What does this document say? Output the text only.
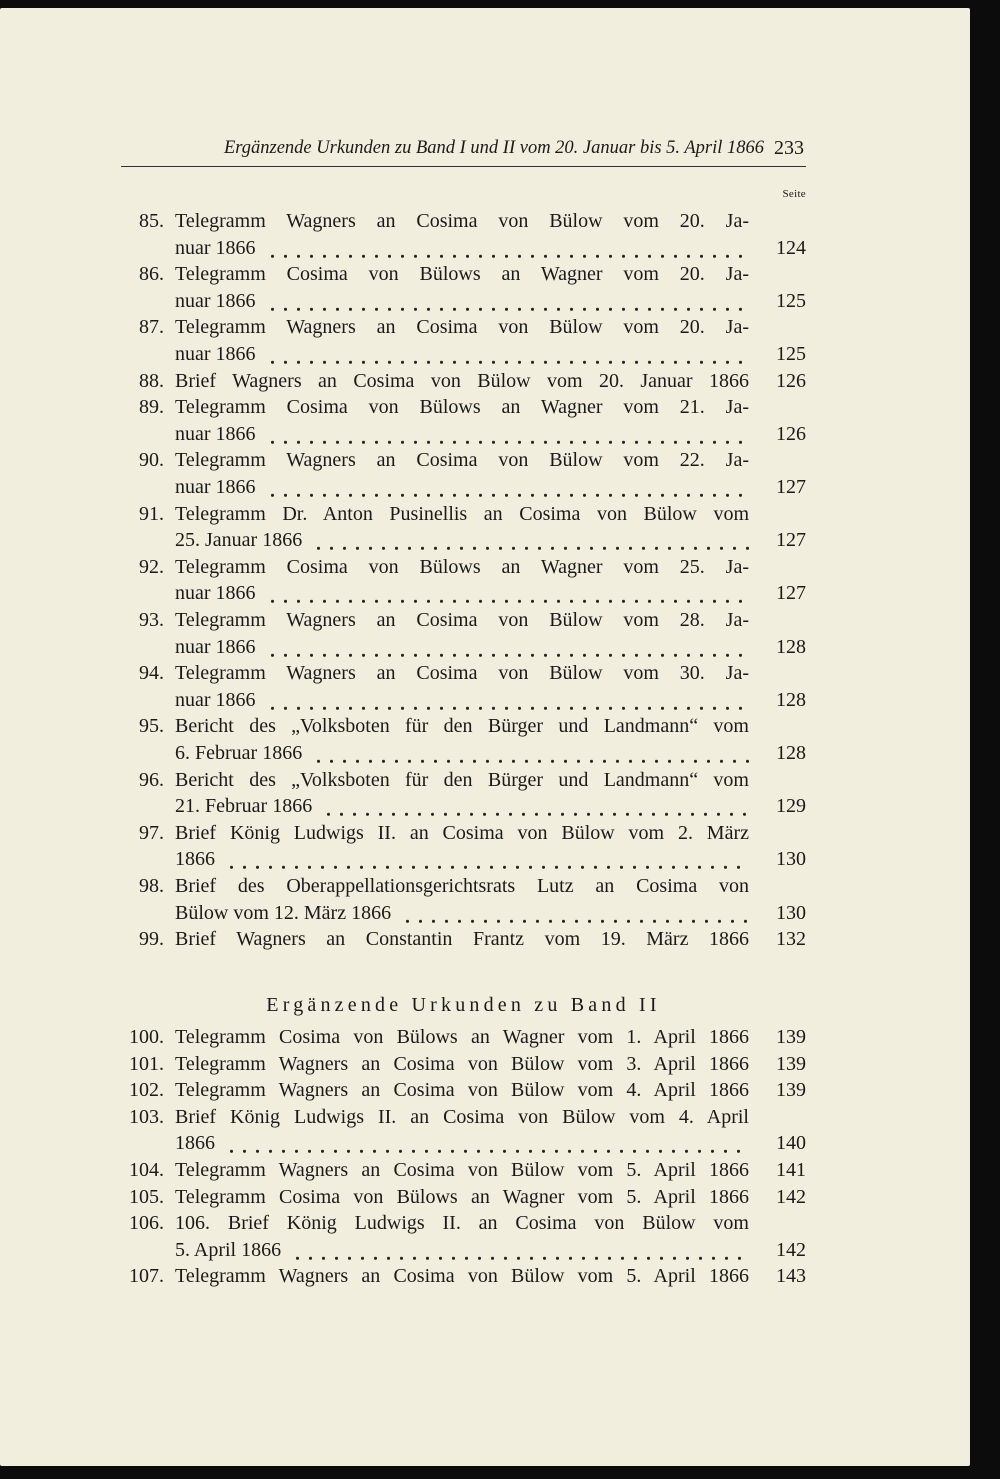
Ergänzende Urkunden zu Band I und II vom 20. Januar bis 5. April 1866 233
Seite
85. Telegramm Wagners an Cosima von Bülow vom 20. Ja-
nuar 1866	124
86. Telegramm Cosima von Bülows an Wagner vom 20. Ja-
nuar 1866	125
87. Telegramm Wagners an Cosima von Bülow vom 20. Ja-
nuar 1866	125
88. Brief Wagners an Cosima von Bülow vom 20. Januar 1866 126
89. Telegramm Cosima von Bülows an Wagner vom 21. Ja-
nuar 1866	126
90. Telegramm Wagners an Cosima von Bülow vom 22. Ja-
nuar 1866	127
91. Telegramm Dr. Anton Pusinellis an Cosima von Bülow vom
25. Januar 1866	127
92. Telegramm Cosima von Bülows an Wagner vom 25. Ja-
nuar 1866	127
93. Telegramm Wagners an Cosima von Bülow vom 28. Ja-
nuar 1866	128
94. Telegramm Wagners an Cosima von Bülow vom 30. Ja-
nuar 1866	128
95. Bericht des „Volksboten für den Bürger und Landmann“ vom
6. Februar 1866	128
96. Bericht des „Volksboten für den Bürger und Landmann“ vom
21. Februar 1866	129
97. Brief König Ludwigs II. an Cosima von Bülow vom 2. März
1866	130
98. Brief des Oberappellationsgerichtsrats Lutz an Cosima von
Bülow vom 12. März 1866	130
99. Brief Wagners an Constantin Frantz vom 19. März 1866 132
Ergänzende Urkunden zu Band II
100. Telegramm Cosima von Bülows an Wagner vom 1. April 1866 139
101. Telegramm Wagners an Cosima von Bülow vom 3. April 1866 139
102. Telegramm Wagners an Cosima von Bülow vom 4. April 1866 139
103. Brief König Ludwigs II. an Cosima von Bülow vom 4. April
1866	140
104. Telegramm Wagners an Cosima von Bülow vom 5. April 1866 141
105. Telegramm Cosima von Bülows an Wagner vom 5. April 1866 142
106. 106. Brief König Ludwigs II. an Cosima von Bülow vom
5. April 1866	142
107. Telegramm Wagners an Cosima von Bülow vom 5. April 1866 143
